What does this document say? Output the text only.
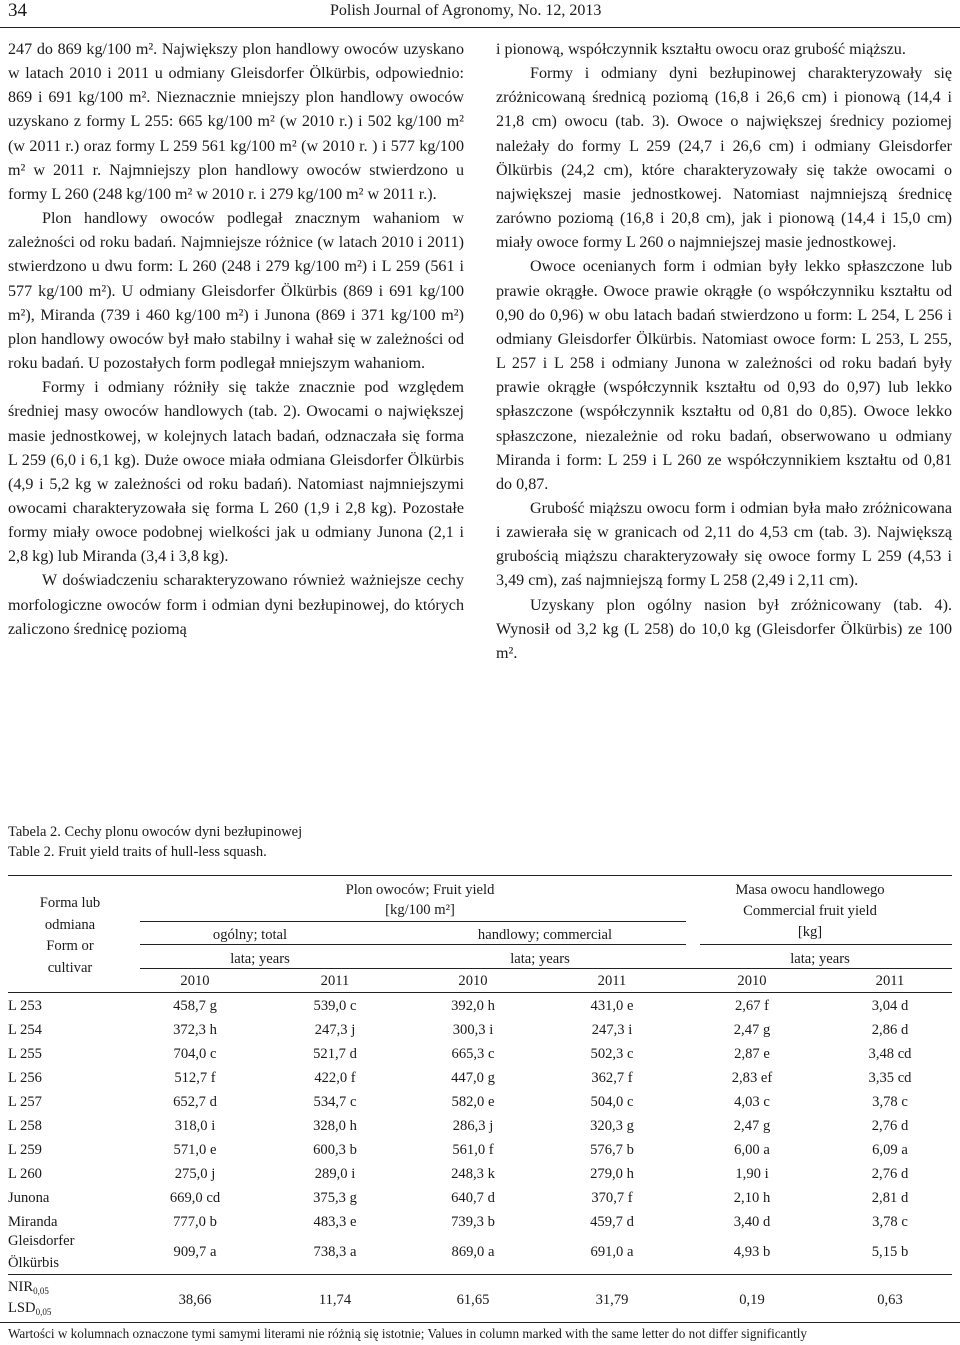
34	Polish Journal of Agronomy, No. 12, 2013

247 do 869 kg/100 m². Największy plon handlowy owoców uzyskano w latach 2010 i 2011 u odmiany Gleisdorfer Ölkürbis, odpowiednio: 869 i 691 kg/100 m². Nieznacznie mniejszy plon handlowy owoców uzyskano z formy L 255: 665 kg/100 m² (w 2010 r.) i 502 kg/100 m² (w 2011 r.) oraz formy L 259 561 kg/100 m² (w 2010 r. ) i 577 kg/100 m² w 2011 r. Najmniejszy plon handlowy owoców stwierdzono u formy L 260 (248 kg/100 m² w 2010 r. i 279 kg/100 m² w 2011 r.).

Plon handlowy owoców podlegał znacznym wahaniom w zależności od roku badań. Najmniejsze różnice (w latach 2010 i 2011) stwierdzono u dwu form: L 260 (248 i 279 kg/100 m²) i L 259 (561 i 577 kg/100 m²). U odmiany Gleisdorfer Ölkürbis (869 i 691 kg/100 m²), Miranda (739 i 460 kg/100 m²) i Junona (869 i 371 kg/100 m²) plon handlowy owoców był mało stabilny i wahał się w zależności od roku badań. U pozostałych form podlegał mniejszym wahaniom.

Formy i odmiany różniły się także znacznie pod względem średniej masy owoców handlowych (tab. 2). Owocami o największej masie jednostkowej, w kolejnych latach badań, odznaczała się forma L 259 (6,0 i 6,1 kg). Duże owoce miała odmiana Gleisdorfer Ölkürbis (4,9 i 5,2 kg w zależności od roku badań). Natomiast najmniejszymi owocami charakteryzowała się forma L 260 (1,9 i 2,8 kg). Pozostałe formy miały owoce podobnej wielkości jak u odmiany Junona (2,1 i 2,8 kg) lub Miranda (3,4 i 3,8 kg).

W doświadczeniu scharakteryzowano również ważniejsze cechy morfologiczne owoców form i odmian dyni bezłupinowej, do których zaliczono średnicę poziomą

i pionową, współczynnik kształtu owocu oraz grubość miąższu.

Formy i odmiany dyni bezłupinowej charakteryzowały się zróżnicowaną średnicą poziomą (16,8 i 26,6 cm) i pionową (14,4 i 21,8 cm) owocu (tab. 3). Owoce o największej średnicy poziomej należały do formy L 259 (24,7 i 26,6 cm) i odmiany Gleisdorfer Ölkürbis (24,2 cm), które charakteryzowały się także owocami o największej masie jednostkowej. Natomiast najmniejszą średnicę zarówno poziomą (16,8 i 20,8 cm), jak i pionową (14,4 i 15,0 cm) miały owoce formy L 260 o najmniejszej masie jednostkowej.

Owoce ocenianych form i odmian były lekko spłaszczone lub prawie okrągłe. Owoce prawie okrągłe (o współczynniku kształtu od 0,90 do 0,96) w obu latach badań stwierdzono u form: L 254, L 256 i odmiany Gleisdorfer Ölkürbis. Natomiast owoce form: L 253, L 255, L 257 i L 258 i odmiany Junona w zależności od roku badań były prawie okrągłe (współczynnik kształtu od 0,93 do 0,97) lub lekko spłaszczone (współczynnik kształtu od 0,81 do 0,85). Owoce lekko spłaszczone, niezależnie od roku badań, obserwowano u odmiany Miranda i form: L 259 i L 260 ze współczynnikiem kształtu od 0,81 do 0,87.

Grubość miąższu owocu form i odmian była mało zróżnicowana i zawierała się w granicach od 2,11 do 4,53 cm (tab. 3). Największą grubością miąższu charakteryzowały się owoce formy L 259 (4,53 i 3,49 cm), zaś najmniejszą formy L 258 (2,49 i 2,11 cm).

Uzyskany plon ogólny nasion był zróżnicowany (tab. 4). Wynosił od 3,2 kg (L 258) do 10,0 kg (Gleisdorfer Ölkürbis) ze 100 m².

Tabela 2. Cechy plonu owoców dyni bezłupinowej
Table 2. Fruit yield traits of hull-less squash.
Forma lub
odmiana
Form or
cultivar
Plon owoców; Fruit yield
[kg/100 m²]
Masa owocu handlowego
Commercial fruit yield
[kg]
ogólny; total	handlowy; commercial
lata; years	lata; years	lata; years
2010	2011	2010	2011	2010	2011
L 253	458,7 g	539,0 c	392,0 h	431,0 e	2,67 f	3,04 d
L 254	372,3 h	247,3 j	300,3 i	247,3 i	2,47 g	2,86 d
L 255	704,0 c	521,7 d	665,3 c	502,3 c	2,87 e	3,48 cd
L 256	512,7 f	422,0 f	447,0 g	362,7 f	2,83 ef	3,35 cd
L 257	652,7 d	534,7 c	582,0 e	504,0 c	4,03 c	3,78 c
L 258	318,0 i	328,0 h	286,3 j	320,3 g	2,47 g	2,76 d
L 259	571,0 e	600,3 b	561,0 f	576,7 b	6,00 a	6,09 a
L 260	275,0 j	289,0 i	248,3 k	279,0 h	1,90 i	2,76 d
Junona	669,0 cd	375,3 g	640,7 d	370,7 f	2,10 h	2,81 d
Miranda	777,0 b	483,3 e	739,3 b	459,7 d	3,40 d	3,78 c
Gleisdorfer
Ölkürbis
909,7 a	738,3 a	869,0 a	691,0 a	4,93 b	5,15 b
$NIR_{0,05}$
$LSD_{0,05}$
38,66	11,74	61,65	31,79	0,19	0,63
Wartości w kolumnach oznaczone tymi samymi literami nie różnią się istotnie; Values in column marked with the same letter do not differ significantly
